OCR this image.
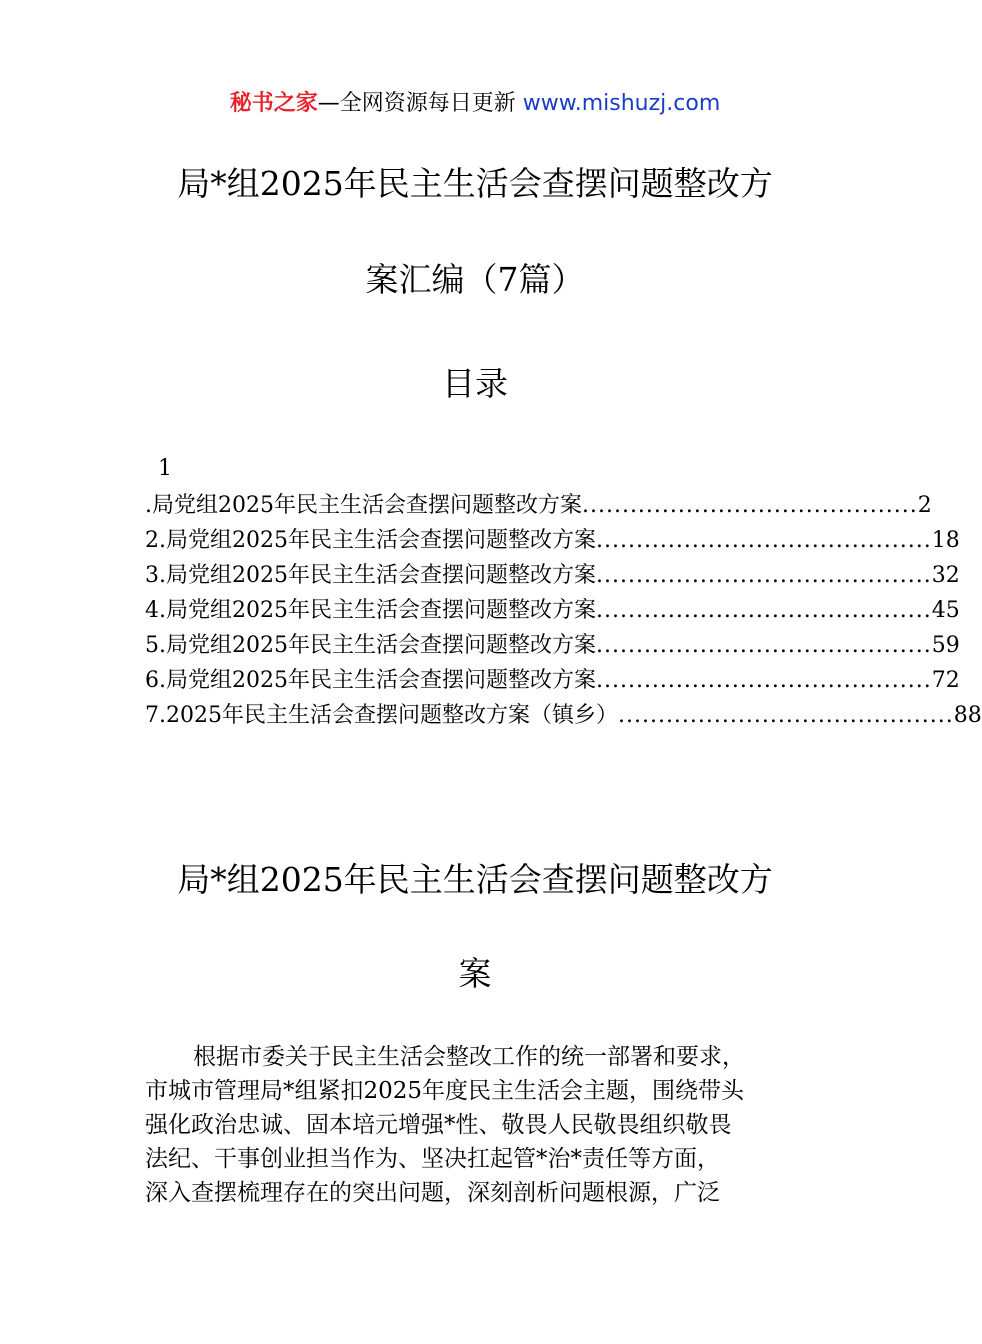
秘书之家—全网资源每日更新 www.mishuzj.com
局*组2025年民主生活会查摆问题整改方
案汇编（7篇）
目录
1
.局党组2025年民主生活会查摆问题整改方案 .......................................... 2
2.局党组2025年民主生活会查摆问题整改方案 .......................................... 18
3.局党组2025年民主生活会查摆问题整改方案 .......................................... 32
4.局党组2025年民主生活会查摆问题整改方案 .......................................... 45
5.局党组2025年民主生活会查摆问题整改方案 .......................................... 59
6.局党组2025年民主生活会查摆问题整改方案 .......................................... 72
7.2025年民主生活会查摆问题整改方案（镇乡） .......................................... 88
局*组2025年民主生活会查摆问题整改方
案

根据市委关于民主生活会整改工作的统一部署和要求，
市城市管理局*组紧扣2025年度民主生活会主题，围绕带头
强化政治忠诚、固本培元增强*性、敬畏人民敬畏组织敬畏
法纪、干事创业担当作为、坚决扛起管*治*责任等方面，
深入查摆梳理存在的突出问题，深刻剖析问题根源，广泛
